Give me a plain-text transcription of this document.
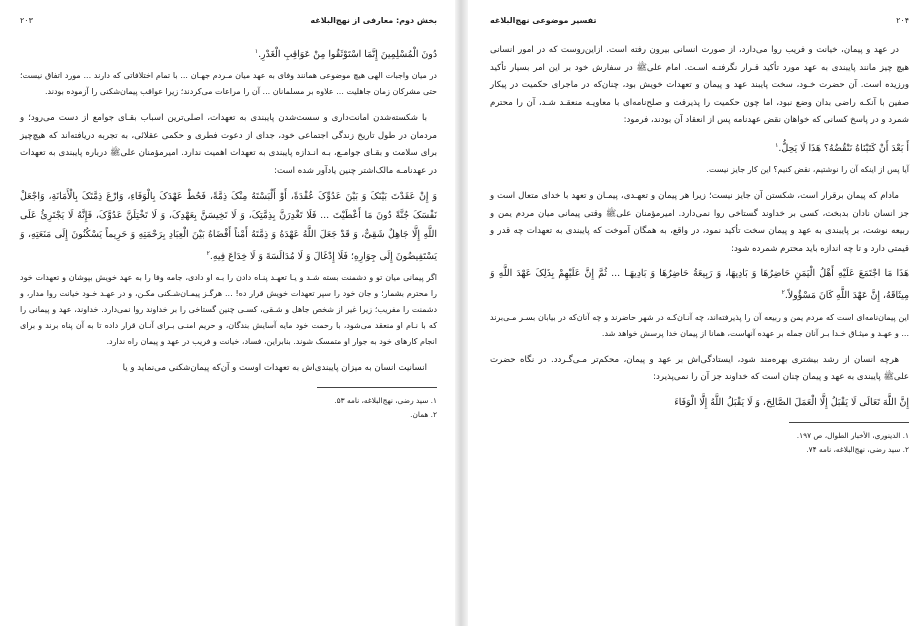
بخش دوم: معارفی از نهج‌البلاغه
۲۰۳

دُونَ الْمُسْلِمِینَ إِنَّمَا اسْتَوْثَقُوا مِنْ عَوَاقِبِ الْغَدْرِ.$^۱$

در میان واجبات الهی هیچ موضوعی همانند وفای به عهد میان مـردم جهـان ... با تمام اختلافاتی که دارند ... مورد اتفاق نیست؛ حتی مشرکان زمان جاهلیت ... علاوه بر مسلمانان ... آن را مراعات می‌کردند؛ زیرا عواقب پیمان‌شکنی را آزموده بودند.

با شکسته‌شدن امانت‌داری و سست‌شدن پایبندی به تعهدات، اصلی‌ترین اسباب بقـای جوامع از دست می‌رود؛ و مردمان در طول تاریخ زندگی اجتماعی خود، جدای از دعوت فطری و حکمی عقلائی، به تجربه دریافته‌اند که هیچ‌چیز برای سلامت و بقـای جوامـع، بـه انـدازه پایبندی به تعهدات اهمیت ندارد. امیرمؤمنان علی‌ﷺ درباره پایبندی به تعهدات در عهدنامـه مالک‌اشتر چنین یادآور شده است:

وَ إِنْ عَقَدْتَ بَیْنَکَ وَ بَیْنَ عَدُوِّکَ عُقْدَةً، أَوْ أَلْبَسْتَهُ مِنْکَ ذِمَّةً، فَحُطْ عَهْدَکَ بِالْوَفَاءِ، وَارْعَ ذِمَّتَکَ بِالْأَمَانَةِ، وَاجْعَلْ نَفْسَکَ جُنَّةً دُونَ مَا أَعْطَیْتَ ... فَلَا تَغْدِرَنَّ بِذِمَّتِکَ، وَ لَا تَخِیسَنَّ بِعَهْدِکَ، وَ لَا تَخْتِلَنَّ عَدُوَّکَ، فَإِنَّهُ لَا یَجْتَرِئُ عَلَى اللَّهِ إِلَّا جَاهِلٌ شَقِیٌّ، وَ قَدْ جَعَلَ اللَّهُ عَهْدَهُ وَ ذِمَّتَهُ أَمْناً أَفْضَاهُ بَیْنَ الْعِبَادِ بِرَحْمَتِهِ وَ حَرِیماً یَسْکُنُونَ إِلَى مَنَعَتِهِ، وَ یَسْتَفِیضُونَ إِلَى جِوَارِهِ؛ فَلَا إِدْغَالَ وَ لَا مُدَالَسَةَ وَ لَا خِدَاعَ فِیهِ.$^۲$

اگر پیمانی میان تو و دشمنت بسته شـد و یـا تعهـد پنـاه دادن را بـه او دادی، جامه وفا را به عهد خویش بپوشان و تعهدات خود را محترم بشمار؛ و جان خود را سپر تعهدات خویش قرار ده! ... هرگـز پیمـان‌شـکنی مکـن، و در عهـد خـود خیانت روا مدار، و دشمنت را مفریب؛ زیرا غیر از شخص جاهل و شـقی، کسـی چنین گستاخی را بر خداوند روا نمی‌دارد. خداوند، عهد و پیمانی را که با نـام او منعقد می‌شود، با رحمت خود مایه آسایش بندگان، و حریم امنـی بـرای آنـان قرار داده تا به آن پناه برند و برای انجام کارهای خود به جوار او متمسک شوند. بنابراین، فساد، خیانت و فریب در عهد و پیمان راه ندارد.

انسانیت انسان به میزان پایبندی‌اش به تعهدات اوست و آن‌که پیمان‌شکنی می‌نماید و یا

۱. سید رضی، نهج‌البلاغه، نامه ۵۳.
۲. همان.
۲۰۴
تفسیر موضوعی نهج‌البلاغه

در عهد و پیمان، خیانت و فریب روا می‌دارد، از صورت انسانی بیرون رفته است. ازاین‌روست که در امور انسانی هیچ چیز مانند پایبندی به عهد مورد تأکید قـرار نگرفتـه اسـت. امام علی‌ﷺ در سفارش خود بر این امر بسیار تأکید ورزیده است. آن حضرت خـود، سخت پایبند عهد و پیمان و تعهدات خویش بود، چنان‌که در ماجرای حکمیت در پیکار صفین با آنکـه راضی بدان وضع نبود، اما چون حکمیت را پذیرفت و صلح‌نامه‌ای با معاویـه منعقـد شـد، آن را محترم شمرد و در پاسخ کسانی که خواهان نقض عهدنامه پس از انعقاد آن بودند، فرمود:

أَ بَعْدَ أَنْ کَتَبْنَاهُ نَنْقُضُهُ؟ هَذَا لَا یَحِلُّ.$^۱$

آیا پس از اینکه آن را نوشتیم، نقض کنیم؟ این کار جایز نیست.

مادام که پیمان برقرار است، شکستن آن جایز نیست؛ زیرا هر پیمان و تعهـدی، پیمـان و تعهد با خدای متعال است و جز انسان نادان بدبخت، کسی بر خداوند گستاخی روا نمی‌دارد. امیرمؤمنان علی‌ﷺ وقتی پیمانی میان مردم یمن و ربیعه نوشت، بر پایبندی به عهد و پیمان سخت تأکید نمود، در واقع، به همگان آموخت که پایبندی به تعهدات چه قدر و قیمتی دارد و تا چه اندازه باید محترم شمرده شود:

هَذَا مَا اجْتَمَعَ عَلَیْهِ أَهْلُ الْیَمَنِ حَاضِرُهَا وَ بَادِیهَا، وَ رَبِیعَةُ حَاضِرُهَا وَ بَادِیهَـا ... ثُمَّ إِنَّ عَلَیْهِمْ بِذَلِکَ عَهْدَ اللَّهِ وَ مِیثَاقَهُ، إِنَّ عَهْدَ اللَّهِ کَانَ مَسْؤُولاً.$^۲$

این پیمان‌نامه‌ای است که مردم یمن و ربیعه آن را پذیرفته‌اند، چه آنـان‌کـه در شهر حاضرند و چه آنان‌که در بیابان بسـر مـی‌برند ... و عهـد و میثـاق خـدا بـر آنان جمله بر عهده آنهاست، همانا از پیمان خدا پرسش خواهد شد.

هرچه انسان از رشد بیشتری بهره‌مند شود، ایستادگی‌اش بر عهد و پیمان، محکم‌تر مـی‌گـردد. در نگاه حضرت علی‌ﷺ پایبندی به عهد و پیمان چنان است که خداوند جز آن را نمی‌پذیرد:

إِنَّ اللَّهَ تَعَالَى لَا یَقْبَلُ إِلَّا الْعَمَلَ الصَّالِحَ، وَ لَا یَقْبَلُ اللَّهُ إِلَّا الْوَفَاءَ

۱. الدینوری، الأخبار الطوال، ص ۱۹۷.
۲. سید رضی، نهج‌البلاغه، نامه ۷۴.
